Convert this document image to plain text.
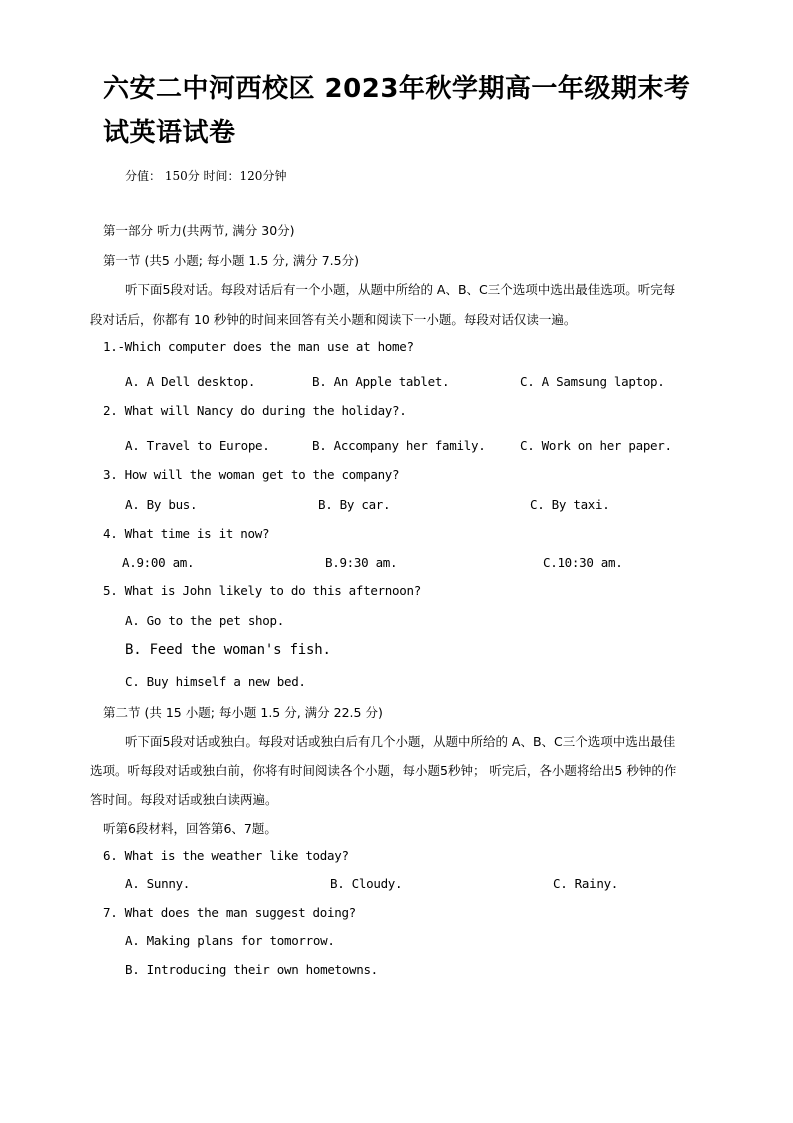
六安二中河西校区 2023年秋学期高一年级期末考
试英语试卷
分值： 150分 时间：120分钟
第一部分 听力(共两节, 满分 30分)
第一节 (共5 小题; 每小题 1.5 分, 满分 7.5分)
听下面5段对话。每段对话后有一个小题，从题中所给的 A、B、C三个选项中选出最佳选项。听完每
段对话后，你都有 10 秒钟的时间来回答有关小题和阅读下一小题。每段对话仅读一遍。
1.-Which computer does the man use at home?
A. A Dell desktop.	B. An Apple tablet.	C. A Samsung laptop.
2. What will Nancy do during the holiday?.
A. Travel to Europe.	B. Accompany her family.	C. Work on her paper.
3. How will the woman get to the company?
A. By bus.	B. By car.	C. By taxi.
4. What time is it now?
A.9:00 am.	B.9:30 am.	C.10:30 am.
5. What is John likely to do this afternoon?
A. Go to the pet shop.
B. Feed the woman's fish.
C. Buy himself a new bed.
第二节 (共 15 小题; 每小题 1.5 分, 满分 22.5 分)
听下面5段对话或独白。每段对话或独白后有几个小题，从题中所给的 A、B、C三个选项中选出最佳
选项。听每段对话或独白前，你将有时间阅读各个小题，每小题5秒钟； 听完后，各小题将给出5 秒钟的作
答时间。每段对话或独白读两遍。
听第6段材料，回答第6、7题。
6. What is the weather like today?
A. Sunny.	B. Cloudy.	C. Rainy.
7. What does the man suggest doing?
A. Making plans for tomorrow.
B. Introducing their own hometowns.
